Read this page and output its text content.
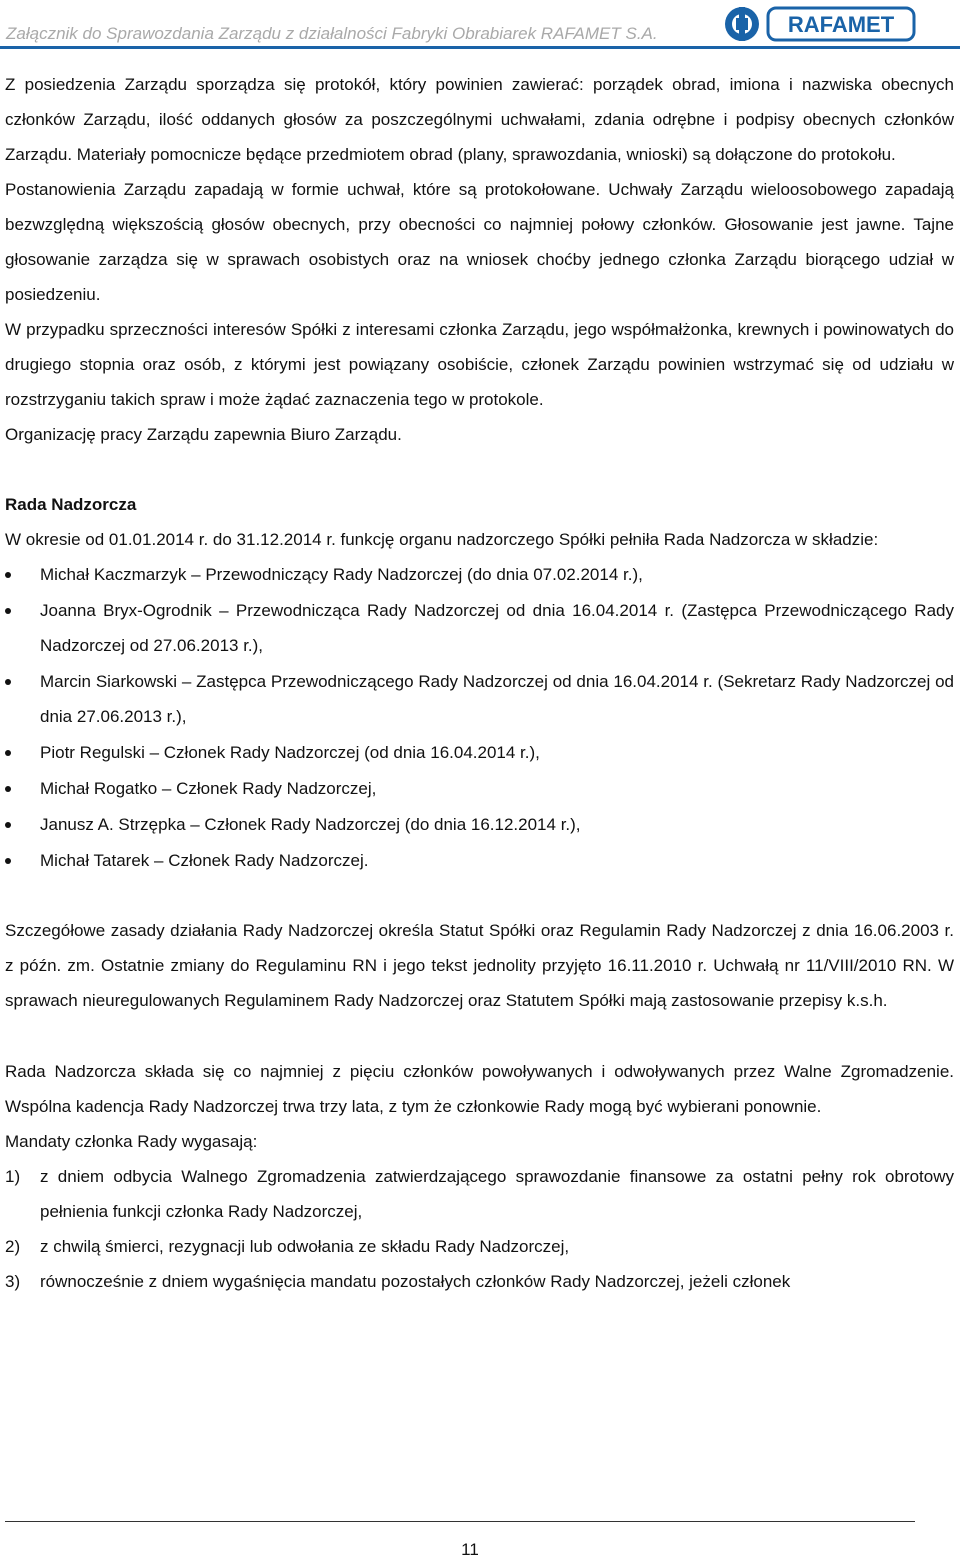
Załącznik do Sprawozdania Zarządu z działalności Fabryki Obrabiarek RAFAMET S.A.	RAFAMET

Z posiedzenia Zarządu sporządza się protokół, który powinien zawierać: porządek obrad, imiona i nazwiska obecnych członków Zarządu, ilość oddanych głosów za poszczególnymi uchwałami, zdania odrębne i podpisy obecnych członków Zarządu. Materiały pomocnicze będące przedmiotem obrad (plany, sprawozdania, wnioski) są dołączone do protokołu.

Postanowienia Zarządu zapadają w formie uchwał, które są protokołowane. Uchwały Zarządu wieloosobowego zapadają bezwzględną większością głosów obecnych, przy obecności co najmniej połowy członków. Głosowanie jest jawne. Tajne głosowanie zarządza się w sprawach osobistych oraz na wniosek choćby jednego członka Zarządu biorącego udział w posiedzeniu.

W przypadku sprzeczności interesów Spółki z interesami członka Zarządu, jego współmałżonka, krewnych i powinowatych do drugiego stopnia oraz osób, z którymi jest powiązany osobiście, członek Zarządu powinien wstrzymać się od udziału w rozstrzyganiu takich spraw i może żądać zaznaczenia tego w protokole.

Organizację pracy Zarządu zapewnia Biuro Zarządu.

Rada Nadzorcza

W okresie od 01.01.2014 r. do 31.12.2014 r. funkcję organu nadzorczego Spółki pełniła Rada Nadzorcza w składzie:

Michał Kaczmarzyk – Przewodniczący Rady Nadzorczej (do dnia 07.02.2014 r.),
Joanna Bryx-Ogrodnik – Przewodnicząca Rady Nadzorczej od dnia 16.04.2014 r. (Zastępca Przewodniczącego Rady Nadzorczej od 27.06.2013 r.),
Marcin Siarkowski – Zastępca Przewodniczącego Rady Nadzorczej od dnia 16.04.2014 r. (Sekretarz Rady Nadzorczej od dnia 27.06.2013 r.),
Piotr Regulski – Członek Rady Nadzorczej (od dnia 16.04.2014 r.),
Michał Rogatko – Członek Rady Nadzorczej,
Janusz A. Strzępka – Członek Rady Nadzorczej (do dnia 16.12.2014 r.),
Michał Tatarek – Członek Rady Nadzorczej.

Szczegółowe zasady działania Rady Nadzorczej określa Statut Spółki oraz Regulamin Rady Nadzorczej z dnia 16.06.2003 r. z późn. zm. Ostatnie zmiany do Regulaminu RN i jego tekst jednolity przyjęto 16.11.2010 r. Uchwałą nr 11/VIII/2010 RN. W sprawach nieuregulowanych Regulaminem Rady Nadzorczej oraz Statutem Spółki mają zastosowanie przepisy k.s.h.

Rada Nadzorcza składa się co najmniej z pięciu członków powoływanych i odwoływanych przez Walne Zgromadzenie. Wspólna kadencja Rady Nadzorczej trwa trzy lata, z tym że członkowie Rady mogą być wybierani ponownie.

Mandaty członka Rady wygasają:

1) z dniem odbycia Walnego Zgromadzenia zatwierdzającego sprawozdanie finansowe za ostatni pełny rok obrotowy pełnienia funkcji członka Rady Nadzorczej,
2) z chwilą śmierci, rezygnacji lub odwołania ze składu Rady Nadzorczej,
3) równocześnie z dniem wygaśnięcia mandatu pozostałych członków Rady Nadzorczej, jeżeli członek
11
